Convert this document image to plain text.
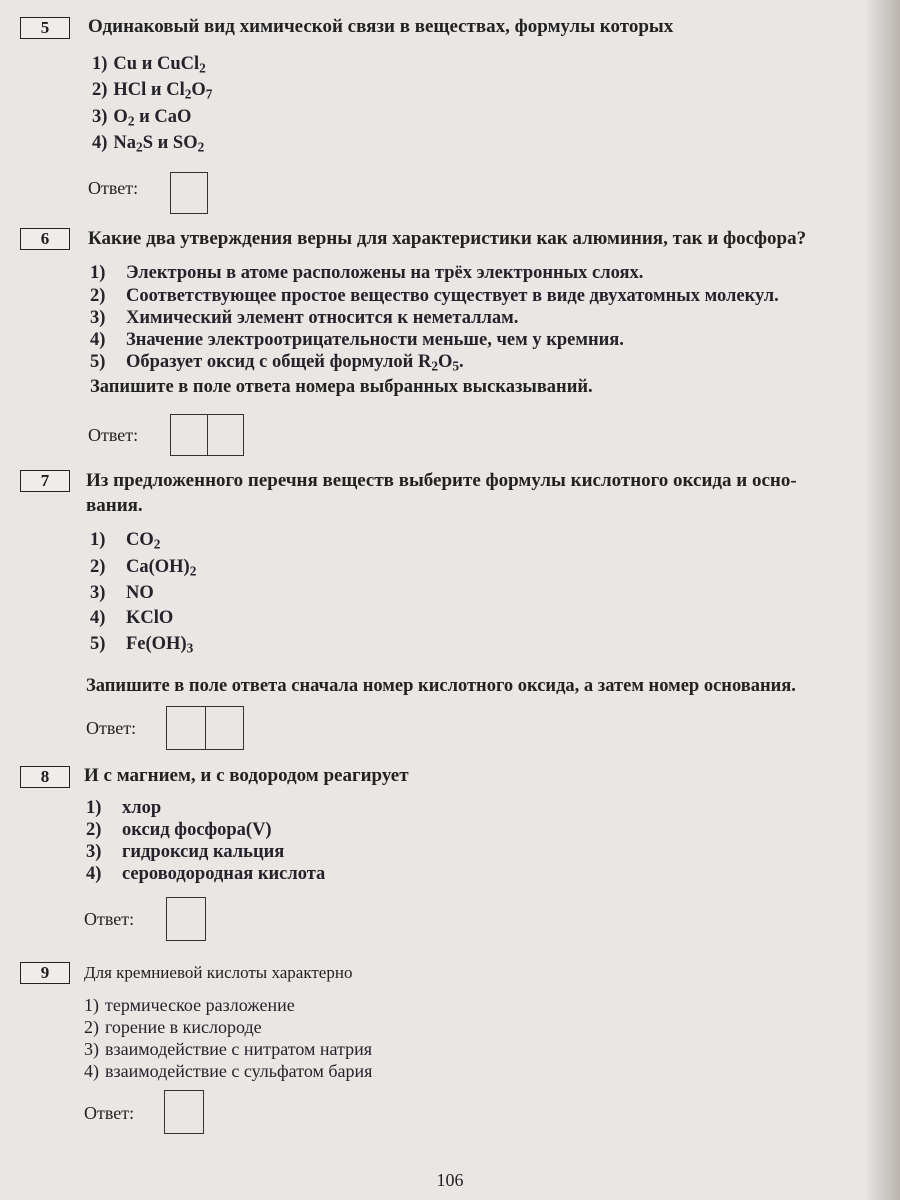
5	Одинаковый вид химической связи в веществах, формулы которых
1) Cu и CuCl$_2$
2) HCl и $Cl_2O_7$
3) $O_2$ и CaO
4) $Na_2S$ и $SO_2$
Ответ:
6	Какие два утверждения верны для характеристики как алюминия, так и фосфора?
1) Электроны в атоме расположены на трёх электронных слоях.
2) Соответствующее простое вещество существует в виде двухатомных молекул.
3) Химический элемент относится к неметаллам.
4) Значение электроотрицательности меньше, чем у кремния.
5) Образует оксид с общей формулой $R_2O_5$.
Запишите в поле ответа номера выбранных высказываний.
Ответ:
7	Из предложенного перечня веществ выберите формулы кислотного оксида и осно-
вания.
1) $CO_2$
2) $Ca(OH)_2$
3) NO
4) KClO
5) $Fe(OH)_3$
Запишите в поле ответа сначала номер кислотного оксида, а затем номер основания.
Ответ:
8	И с магнием, и с водородом реагирует
1) хлор
2) оксид фосфора(V)
3) гидроксид кальция
4) сероводородная кислота
Ответ:
9	Для кремниевой кислоты характерно
1) термическое разложение
2) горение в кислороде
3) взаимодействие с нитратом натрия
4) взаимодействие с сульфатом бария
Ответ:
106
